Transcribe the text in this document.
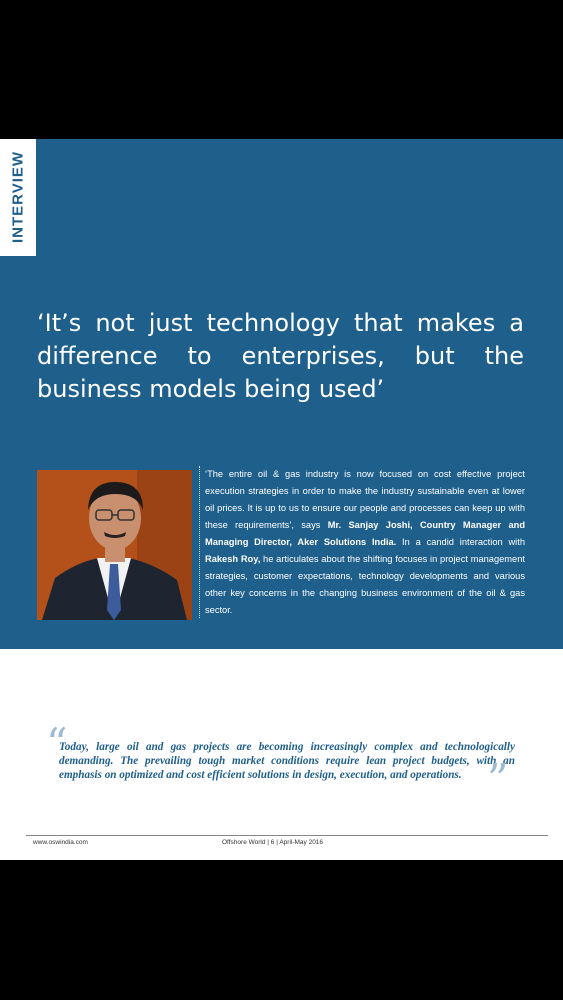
INTERVIEW
‘It’s not just technology that makes a difference to enterprises, but the business models being used’

‘The entire oil & gas industry is now focused on cost effective project execution strategies in order to make the industry sustainable even at lower oil prices. It is up to us to ensure our people and processes can keep up with these requirements’, says Mr. Sanjay Joshi, Country Manager and Managing Director, Aker Solutions India. In a candid interaction with Rakesh Roy, he articulates about the shifting focuses in project management strategies, customer expectations, technology developments and various other key concerns in the changing business environment of the oil & gas sector.

“

Today, large oil and gas projects are becoming increasingly complex and technologically demanding. The prevailing tough market conditions require lean project budgets, with an emphasis on optimized and cost efficient solutions in design, execution, and operations. ”
www.oswindia.com	Offshore World | 6 | April-May 2016
